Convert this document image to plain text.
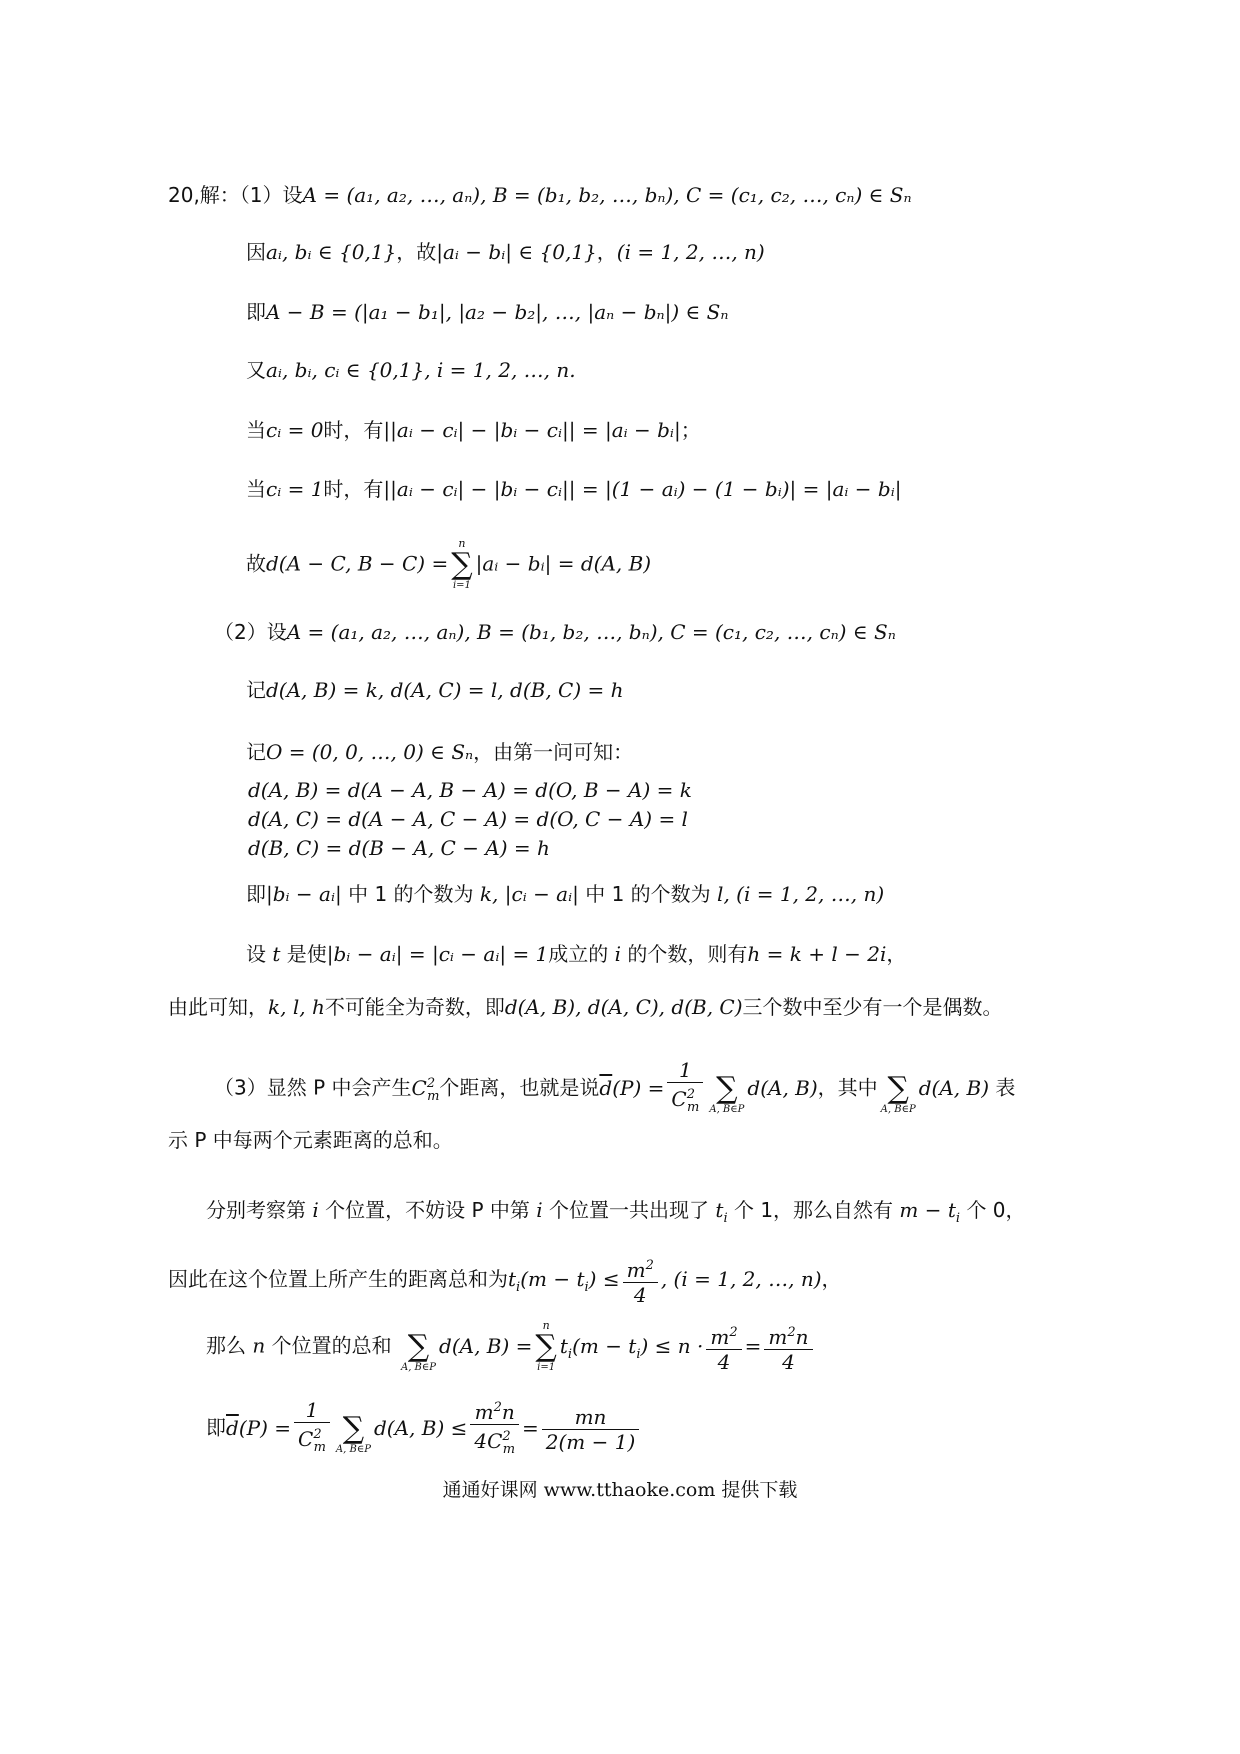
20,解：（1）设A = (a₁, a₂, …, aₙ), B = (b₁, b₂, …, bₙ), C = (c₁, c₂, …, cₙ) ∈ Sₙ
因aᵢ, bᵢ ∈ {0,1}，故|aᵢ − bᵢ| ∈ {0,1}，(i = 1, 2, …, n)
即A − B = (|a₁ − b₁|, |a₂ − b₂|, …, |aₙ − bₙ|) ∈ Sₙ
又aᵢ, bᵢ, cᵢ ∈ {0,1}, i = 1, 2, …, n.
当cᵢ = 0时，有||aᵢ − cᵢ| − |bᵢ − cᵢ|| = |aᵢ − bᵢ|；
当cᵢ = 1时，有||aᵢ − cᵢ| − |bᵢ − cᵢ|| = |(1 − aᵢ) − (1 − bᵢ)| = |aᵢ − bᵢ|
故d(A − C, B − C) =
n
∑
i=1
|aᵢ − bᵢ| = d(A, B)
（2）设A = (a₁, a₂, …, aₙ), B = (b₁, b₂, …, bₙ), C = (c₁, c₂, …, cₙ) ∈ Sₙ
记d(A, B) = k, d(A, C) = l, d(B, C) = h
记O = (0, 0, …, 0) ∈ Sₙ，由第一问可知：
d(A, B) = d(A − A, B − A) = d(O, B − A) = k
d(A, C) = d(A − A, C − A) = d(O, C − A) = l
d(B, C) = d(B − A, C − A) = h
即|bᵢ − aᵢ| 中 1 的个数为 k, |cᵢ − aᵢ| 中 1 的个数为 l, (i = 1, 2, …, n)
设 t 是使|bᵢ − aᵢ| = |cᵢ − aᵢ| = 1成立的 i 的个数，则有h = k + l − 2i，
由此可知，k, l, h不可能全为奇数，即d(A, B), d(A, C), d(B, C)三个数中至少有一个是偶数。
（3）显然 P 中会产生$C^2_m$个距离，也就是说$\overline{d}(P) = \frac{1}{C^2_m}$ ∑
A, B∈P
d(A, B)，其中 ∑
A, B∈P
d(A, B) 表
示 P 中每两个元素距离的总和。
分别考察第 i 个位置，不妨设 P 中第 i 个位置一共出现了 $t_i$ 个 1，那么自然有 $m - t_i$ 个 0，
因此在这个位置上所产生的距离总和为$t_i(m - t_i) \le \frac{m^2}{4}$ , (i = 1, 2, …, n)，
那么 n 个位置的总和 ∑
A, B∈P
d(A, B) =
n
∑
i=1
$t_i(m - t_i) \le n \cdot \frac{m^2}{4} = \frac{m^2n}{4}$
即$\overline{d}(P) = \frac{1}{C^2_m}$ ∑
A, B∈P
d(A, $B) \le \frac{m^2n}{4C^2_m} = \frac{mn}{2(m - 1)}$
通通好课网 www.tthaoke.com 提供下载
